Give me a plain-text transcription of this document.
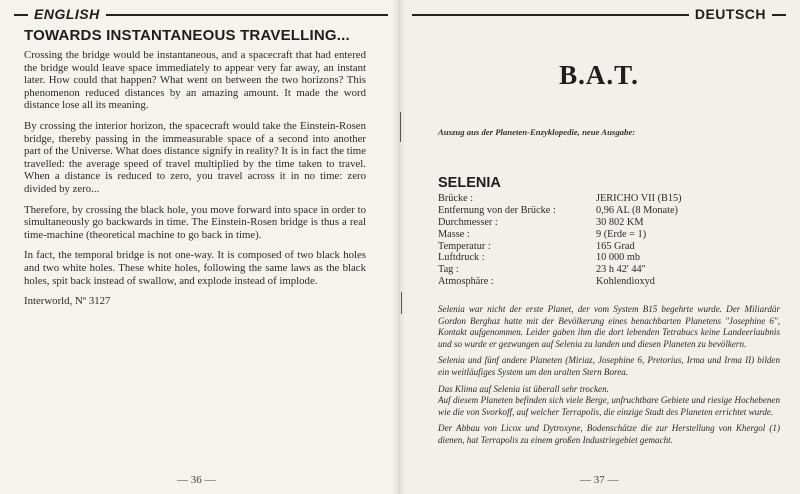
ENGLISH
TOWARDS INSTANTANEOUS TRAVELLING...

Crossing the bridge would be instantaneous, and a spacecraft that had entered the bridge would leave space immediately to appear very far away, an instant later. How could that happen? What went on between the two horizons? This phenomenon reduced distances by an amazing amount. It made the word distance lose all its meaning.

By crossing the interior horizon, the spacecraft would take the Einstein-Rosen bridge, thereby passing in the immeasurable space of a second into another part of the Universe. What does distance signify in reality? It is in fact the time travelled: the average speed of travel multiplied by the time taken to travel. When a distance is reduced to zero, you travel across it in no time: zero divided by zero...

Therefore, by crossing the black hole, you move forward into space in order to simultaneously go backwards in time. The Einstein-Rosen bridge is thus a real time-machine (theoretical machine to go back in time).

In fact, the temporal bridge is not one-way. It is composed of two black holes and two white holes. These white holes, following the same laws as the black holes, spit back instead of swallow, and explode instead of implode.

Interworld, Nº 3127

— 36 —
DEUTSCH
B.A.T.
Auszug aus der Planeten-Enzyklopedie, neue Ausgabe:
SELENIA
Brücke :	JERICHO VII (B15)
Entfernung von der Brücke :	0,96 AL (8 Monate)
Durchmesser :	30 802 KM
Masse :	9 (Erde = 1)
Temperatur :	165 Grad
Luftdruck :	10 000 mb
Tag :	23 h 42' 44"
Atmosphäre :	Kohlendioxyd

Selenia war nicht der erste Planet, der vom System B15 begehrte wurde. Der Miliardär Gordon Berghaz hatte mit der Bevölkerung eines benachbarten Planetens "Josephine 6", Kontakt aufgenommen. Leider gaben ihm die dort lebenden Tetrabucs keine Landeerlaubnis und so wurde er gezwungen auf Selenia zu landen und diesen Planeten zu bevölkern.

Selenia und fünf andere Planeten (Miriaz, Josephine 6, Pretorius, Irma und Irma II) bilden ein weitläufiges System um den uralten Stern Borea.

Das Klima auf Selenia ist überall sehr trocken.

Auf diesem Planeten befinden sich viele Berge, unfruchtbare Gebiete und riesige Hochebenen wie die von Svorkoff, auf welcher Terrapolis, die einzige Stadt des Planeten errichtet wurde.

Der Abbau von Licox und Dytroxyne, Bodenschätze die zur Herstellung von Khergol (1) dienen, hat Terrapolis zu einem großen Industriegebiet gemacht.

— 37 —
